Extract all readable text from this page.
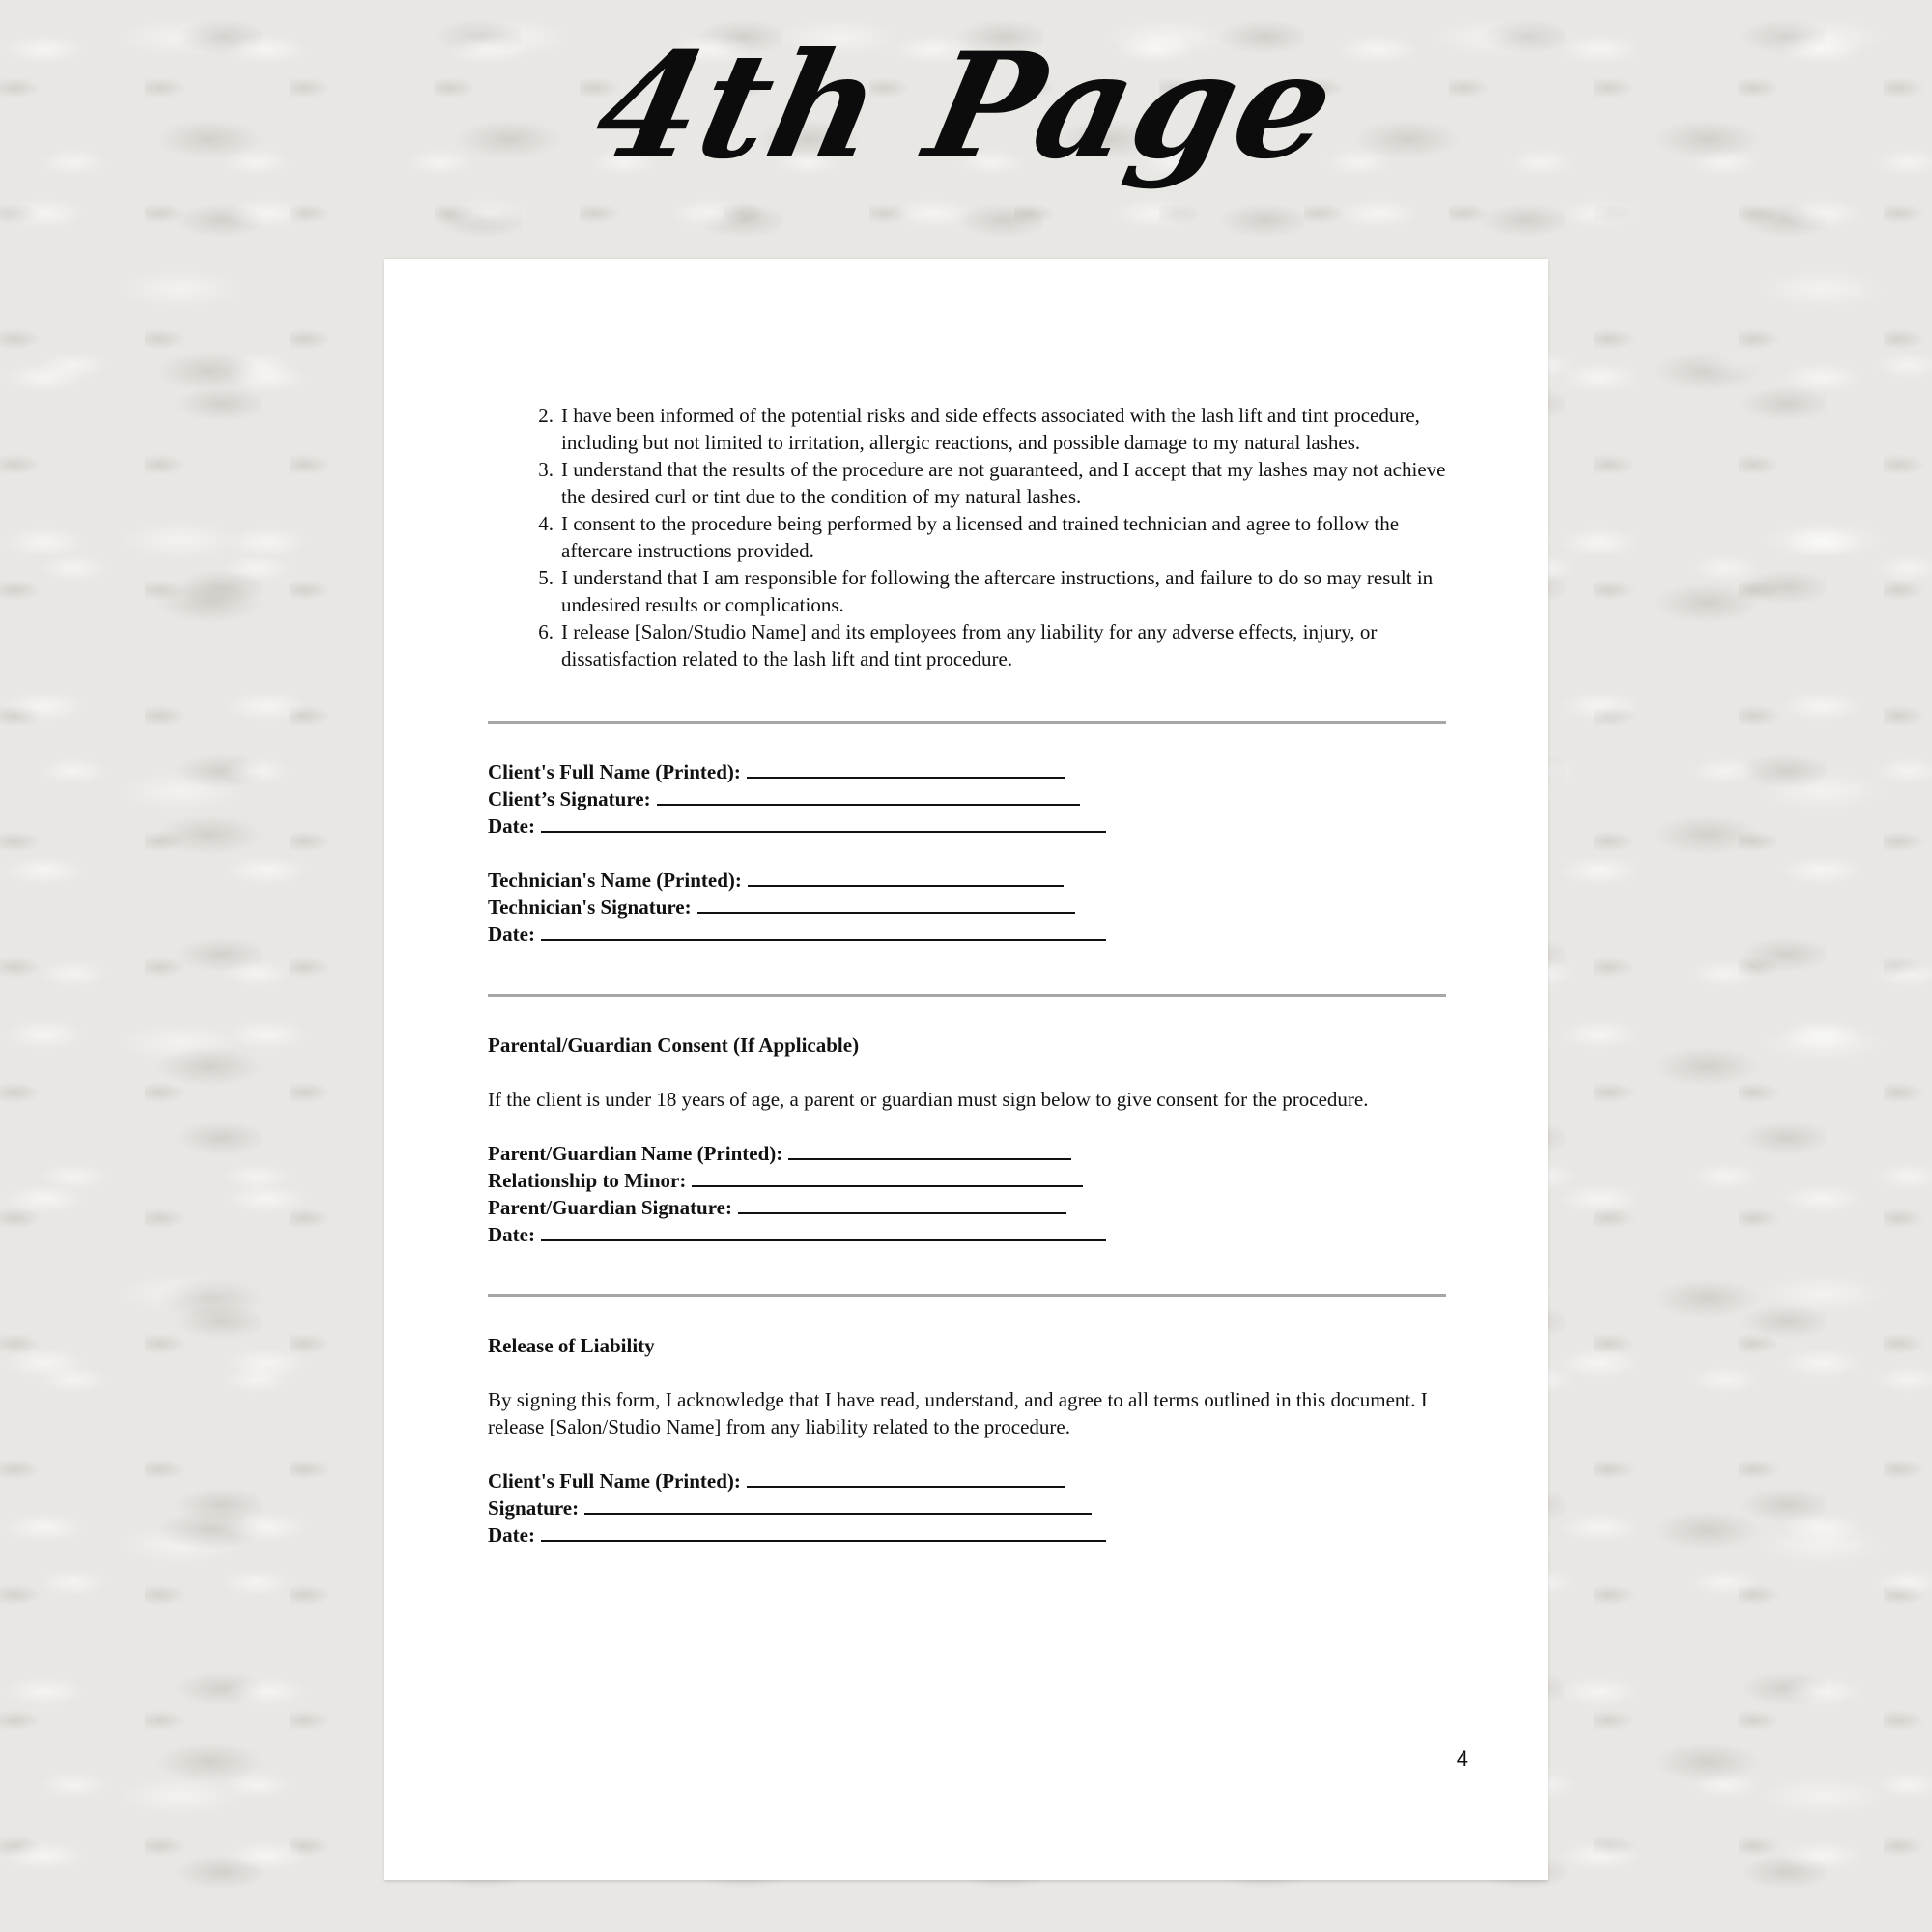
4th Page
2. I have been informed of the potential risks and side effects associated with the lash lift and tint procedure, including but not limited to irritation, allergic reactions, and possible damage to my natural lashes.
3. I understand that the results of the procedure are not guaranteed, and I accept that my lashes may not achieve the desired curl or tint due to the condition of my natural lashes.
4. I consent to the procedure being performed by a licensed and trained technician and agree to follow the aftercare instructions provided.
5. I understand that I am responsible for following the aftercare instructions, and failure to do so may result in undesired results or complications.
6. I release [Salon/Studio Name] and its employees from any liability for any adverse effects, injury, or dissatisfaction related to the lash lift and tint procedure.
Client's Full Name (Printed):
Client’s Signature:
Date:
Technician's Name (Printed):
Technician's Signature:
Date:
Parental/Guardian Consent (If Applicable)

If the client is under 18 years of age, a parent or guardian must sign below to give consent for the procedure.

Parent/Guardian Name (Printed):
Relationship to Minor:
Parent/Guardian Signature:
Date:
Release of Liability

By signing this form, I acknowledge that I have read, understand, and agree to all terms outlined in this document. I release [Salon/Studio Name] from any liability related to the procedure.

Client's Full Name (Printed):
Signature:
Date:
4
